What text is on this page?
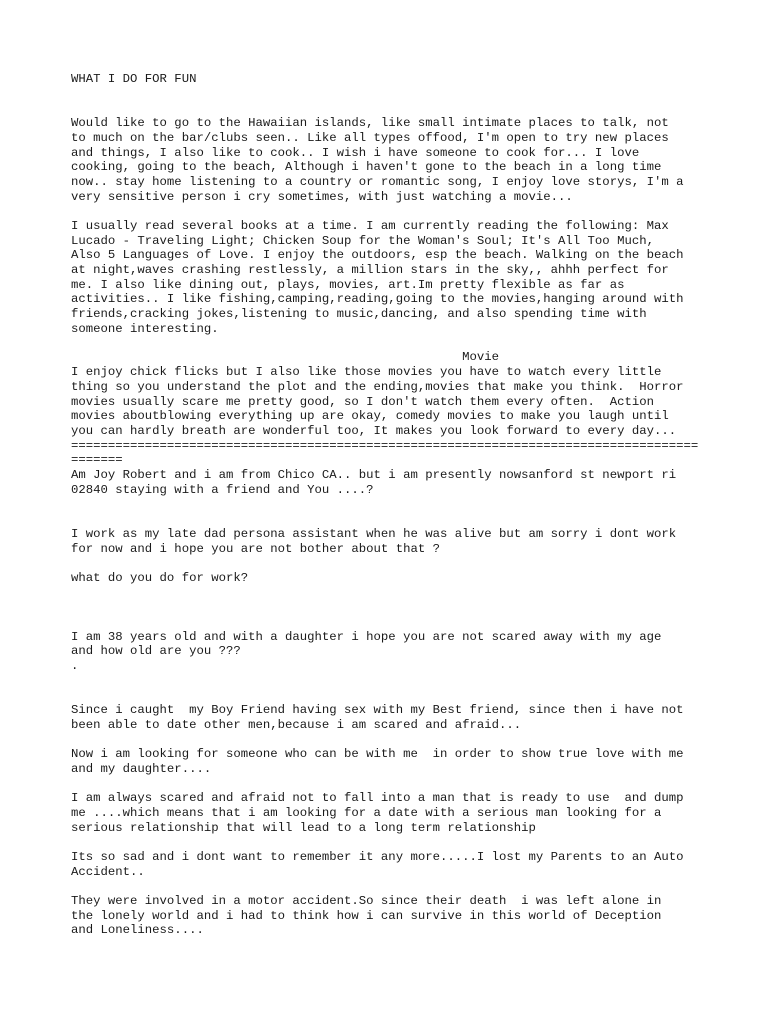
WHAT I DO FOR FUN

Would like to go to the Hawaiian islands, like small intimate places to talk, not

to much on the bar/clubs seen.. Like all types offood, I'm open to try new places

and things, I also like to cook.. I wish i have someone to cook for... I love

cooking, going to the beach, Although i haven't gone to the beach in a long time

now.. stay home listening to a country or romantic song, I enjoy love storys, I'm a

very sensitive person i cry sometimes, with just watching a movie...

I usually read several books at a time. I am currently reading the following: Max

Lucado - Traveling Light; Chicken Soup for the Woman's Soul; It's All Too Much,

Also 5 Languages of Love. I enjoy the outdoors, esp the beach. Walking on the beach

at night,waves crashing restlessly, a million stars in the sky,, ahhh perfect for

me. I also like dining out, plays, movies, art.Im pretty flexible as far as

activities.. I like fishing,camping,reading,going to the movies,hanging around with

friends,cracking jokes,listening to music,dancing, and also spending time with

someone interesting.

Movie

I enjoy chick flicks but I also like those movies you have to watch every little

thing so you understand the plot and the ending,movies that make you think.  Horror

movies usually scare me pretty good, so I don't watch them every often.  Action

movies aboutblowing everything up are okay, comedy movies to make you laugh until

you can hardly breath are wonderful too, It makes you look forward to every day...

=====================================================================================

=======

Am Joy Robert and i am from Chico CA.. but i am presently nowsanford st newport ri

02840 staying with a friend and You ....?

I work as my late dad persona assistant when he was alive but am sorry i dont work

for now and i hope you are not bother about that ?

what do you do for work?

I am 38 years old and with a daughter i hope you are not scared away with my age

and how old are you ???

.

Since i caught  my Boy Friend having sex with my Best friend, since then i have not

been able to date other men,because i am scared and afraid...

Now i am looking for someone who can be with me  in order to show true love with me

and my daughter....

I am always scared and afraid not to fall into a man that is ready to use  and dump

me ....which means that i am looking for a date with a serious man looking for a

serious relationship that will lead to a long term relationship

Its so sad and i dont want to remember it any more.....I lost my Parents to an Auto

Accident..

They were involved in a motor accident.So since their death  i was left alone in

the lonely world and i had to think how i can survive in this world of Deception

and Loneliness....
